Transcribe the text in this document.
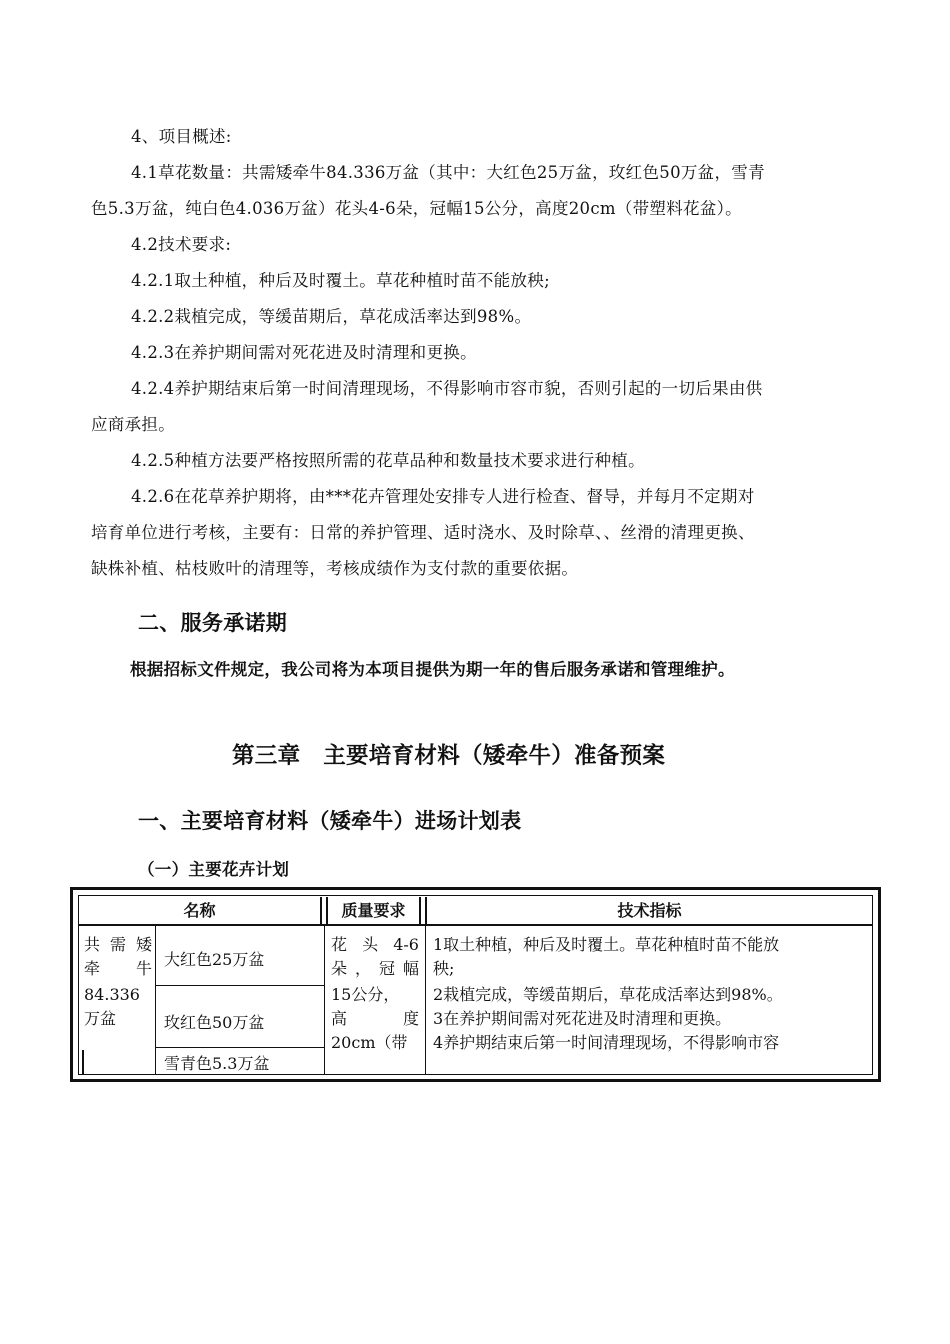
4、项目概述:
4.1草花数量：共需矮牵牛84.336万盆（其中：大红色25万盆，玫红色50万盆，雪青
色5.3万盆，纯白色4.036万盆）花头4-6朵，冠幅15公分，高度20cm（带塑料花盆）。
4.2技术要求:
4.2.1取土种植，种后及时覆土。草花种植时苗不能放秧;
4.2.2栽植完成，等缓苗期后，草花成活率达到98%。
4.2.3在养护期间需对死花进及时清理和更换。
4.2.4养护期结束后第一时间清理现场，不得影响市容市貌，否则引起的一切后果由供
应商承担。
4.2.5种植方法要严格按照所需的花草品种和数量技术要求进行种植。
4.2.6在花草养护期将，由***花卉管理处安排专人进行检查、督导，并每月不定期对
培育单位进行考核，主要有：日常的养护管理、适时浇水、及时除草、、丝滑的清理更换、
缺株补植、枯枝败叶的清理等，考核成绩作为支付款的重要依据。
二、服务承诺期
根据招标文件规定，我公司将为本项目提供为期一年的售后服务承诺和管理维护。
第三章　主要培育材料（矮牵牛）准备预案
一、主要培育材料（矮牵牛）进场计划表
（一）主要花卉计划
名称	质量要求	技术指标
共需矮
牵　牛
84.336
万盆
大红色25万盆
玫红色50万盆
雪青色5.3万盆
花头4-6
朵，冠幅
15公分，
高　　度
20cm（带
1取土种植，种后及时覆土。草花种植时苗不能放
秧;
2栽植完成，等缓苗期后，草花成活率达到98%。
3在养护期间需对死花进及时清理和更换。
4养护期结束后第一时间清理现场，不得影响市容
